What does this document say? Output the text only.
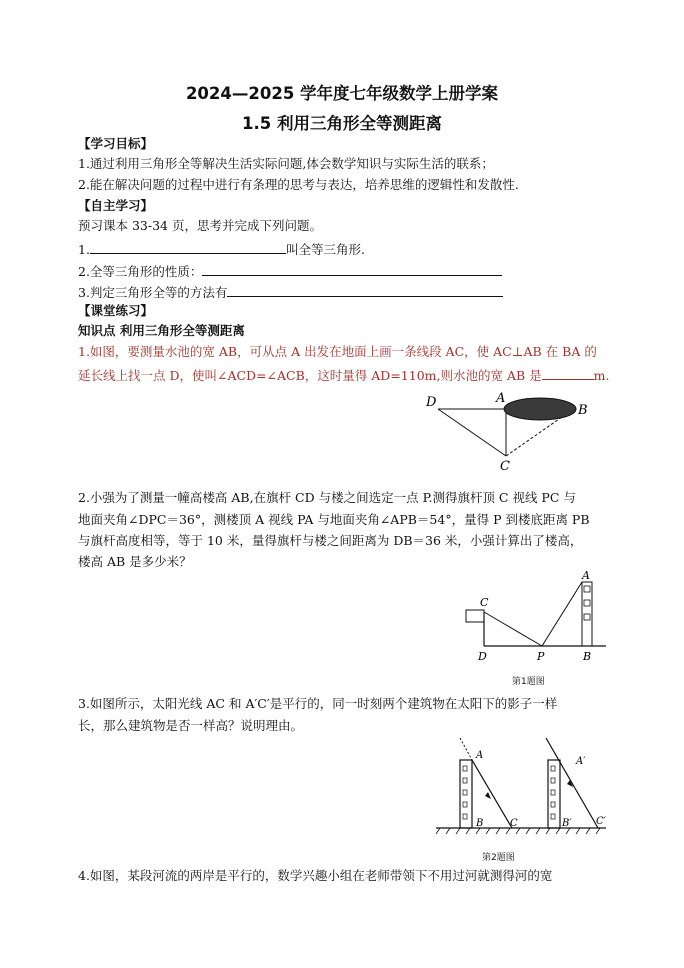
2024—2025 学年度七年级数学上册学案
1.5 利用三角形全等测距离
【学习目标】
1.通过利用三角形全等解决生活实际问题,体会数学知识与实际生活的联系；
2.能在解决问题的过程中进行有条理的思考与表达，培养思维的逻辑性和发散性.
【自主学习】
预习课本 33-34 页，思考并完成下列问题。
1.	叫全等三角形.
2.全等三角形的性质：
3.判定三角形全等的方法有
【课堂练习】
知识点 利用三角形全等测距离
1.如图，要测量水池的宽 AB，可从点 A 出发在地面上画一条线段 AC，使 AC⊥AB 在 BA 的
延长线上找一点 D，使叫∠ACD=∠ACB，这时量得 AD=110m,则水池的宽 AB 是	m.
D	A
B
C
2.小强为了测量一幢高楼高 AB,在旗杆 CD 与楼之间选定一点 P.测得旗杆顶 C 视线 PC 与
地面夹角∠DPC＝36°，测楼顶 A 视线 PA 与地面夹角∠APB＝54°，量得 P 到楼底距离 PB
与旗杆高度相等，等于 10 米，量得旗杆与楼之间距离为 DB＝36 米，小强计算出了楼高，
楼高 AB 是多少米？
A
B
C
D	P
第1题图
3.如图所示，太阳光线 AC 和 A′C′是平行的，同一时刻两个建筑物在太阳下的影子一样
长，那么建筑物是否一样高？说明理由。
A
B	C
A′
B′ C′
第2题图
4.如图，某段河流的两岸是平行的，数学兴趣小组在老师带领下不用过河就测得河的宽
